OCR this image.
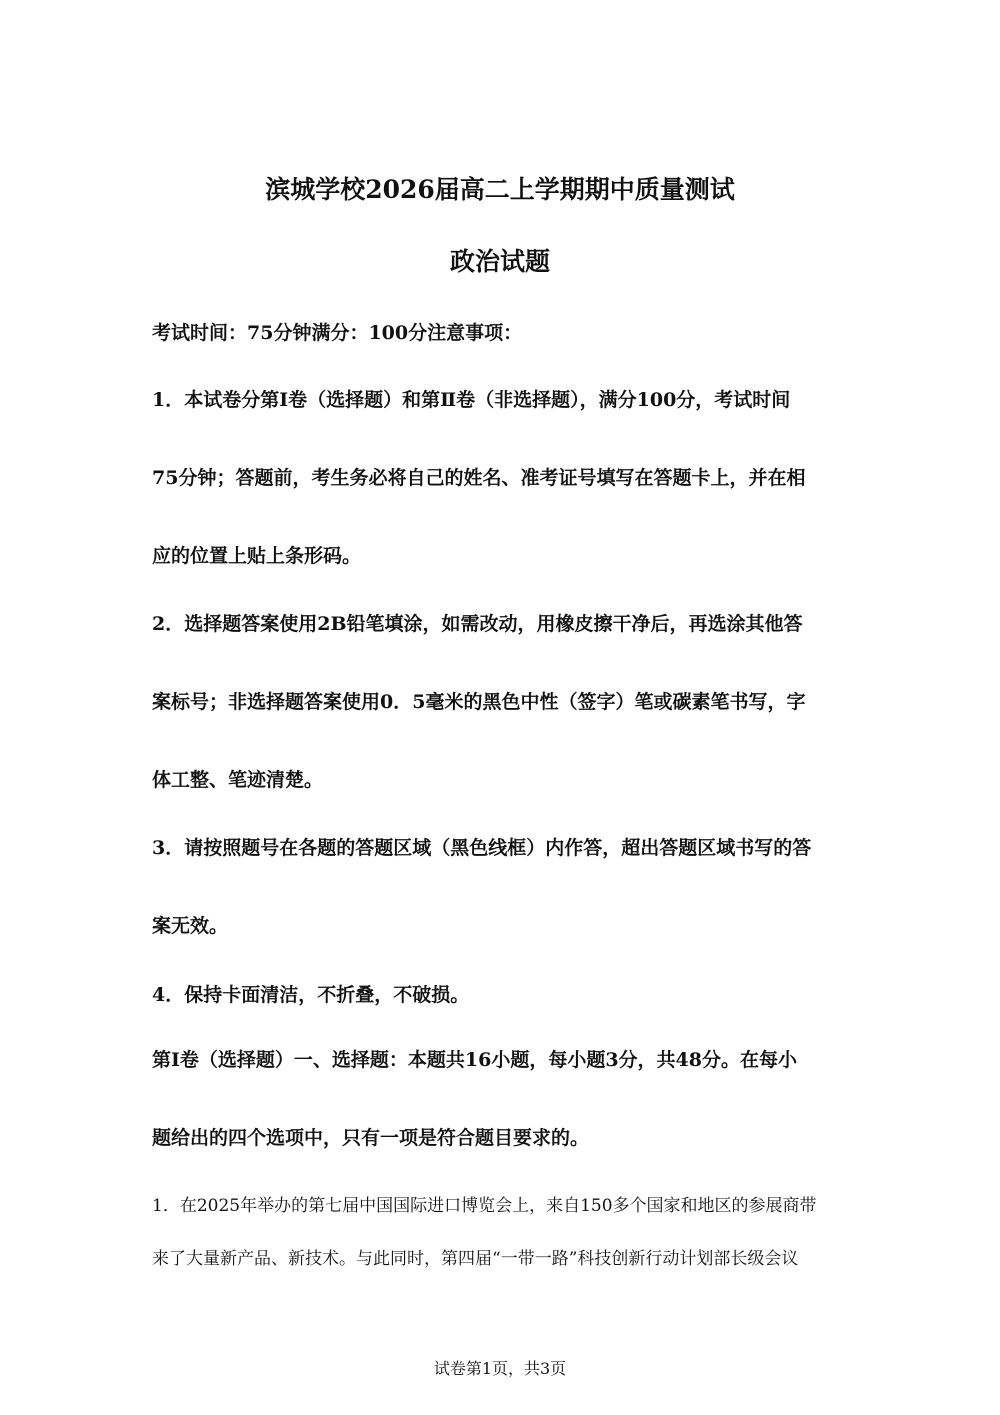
滨城学校2026届高二上学期期中质量测试
政治试题
考试时间：75分钟满分：100分注意事项：
1．本试卷分第Ⅰ卷（选择题）和第Ⅱ卷（非选择题），满分100分，考试时间
75分钟；答题前，考生务必将自己的姓名、准考证号填写在答题卡上，并在相
应的位置上贴上条形码。
2．选择题答案使用2B铅笔填涂，如需改动，用橡皮擦干净后，再选涂其他答
案标号；非选择题答案使用0．5毫米的黑色中性（签字）笔或碳素笔书写，字
体工整、笔迹清楚。
3．请按照题号在各题的答题区域（黑色线框）内作答，超出答题区域书写的答
案无效。
4．保持卡面清洁，不折叠，不破损。
第Ⅰ卷（选择题）一、选择题：本题共16小题，每小题3分，共48分。在每小
题给出的四个选项中，只有一项是符合题目要求的。
1．在2025年举办的第七届中国国际进口博览会上，来自150多个国家和地区的参展商带
来了大量新产品、新技术。与此同时，第四届“一带一路”科技创新行动计划部长级会议
试卷第1页，共3页
